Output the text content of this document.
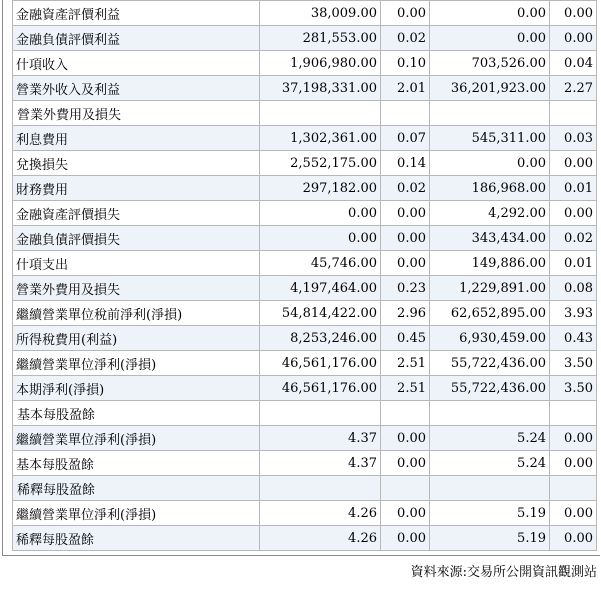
金融資產評價利益	38,009.00	0.00	0.00	0.00
金融負債評價利益	281,553.00	0.02	0.00	0.00
什項收入	1,906,980.00	0.10	703,526.00	0.04
營業外收入及利益	37,198,331.00	2.01	36,201,923.00	2.27
營業外費用及損失				
利息費用	1,302,361.00	0.07	545,311.00	0.03
兌換損失	2,552,175.00	0.14	0.00	0.00
財務費用	297,182.00	0.02	186,968.00	0.01
金融資產評價損失	0.00	0.00	4,292.00	0.00
金融負債評價損失	0.00	0.00	343,434.00	0.02
什項支出	45,746.00	0.00	149,886.00	0.01
營業外費用及損失	4,197,464.00	0.23	1,229,891.00	0.08
繼續營業單位稅前淨利(淨損)	54,814,422.00	2.96	62,652,895.00	3.93
所得稅費用(利益)	8,253,246.00	0.45	6,930,459.00	0.43
繼續營業單位淨利(淨損)	46,561,176.00	2.51	55,722,436.00	3.50
本期淨利(淨損)	46,561,176.00	2.51	55,722,436.00	3.50
基本每股盈餘				
繼續營業單位淨利(淨損)	4.37	0.00	5.24	0.00
基本每股盈餘	4.37	0.00	5.24	0.00
稀釋每股盈餘				
繼續營業單位淨利(淨損)	4.26	0.00	5.19	0.00
稀釋每股盈餘	4.26	0.00	5.19	0.00
資料來源:交易所公開資訊觀測站
